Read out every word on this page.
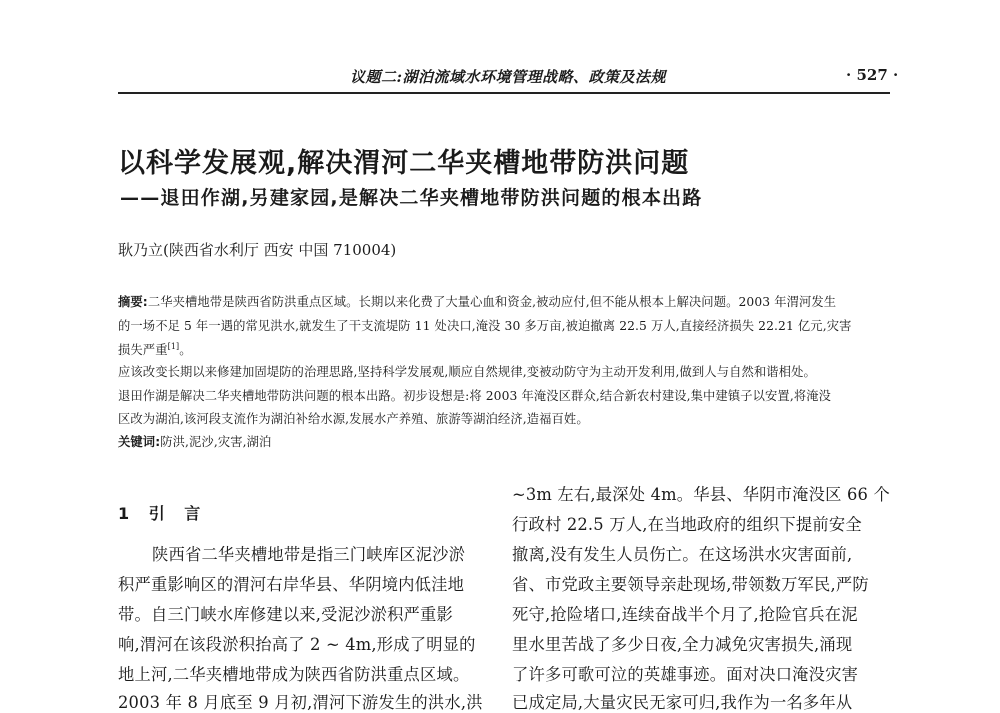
议题二:湖泊流域水环境管理战略、政策及法规	· 527 ·
以科学发展观,解决渭河二华夹槽地带防洪问题
——退田作湖,另建家园,是解决二华夹槽地带防洪问题的根本出路
耿乃立(陕西省水利厅 西安 中国 710004)
摘要:二华夹槽地带是陕西省防洪重点区域。长期以来化费了大量心血和资金,被动应付,但不能从根本上解决问题。2003 年渭河发生
的一场不足 5 年一遇的常见洪水,就发生了干支流堤防 11 处决口,淹没 30 多万亩,被迫撤离 22.5 万人,直接经济损失 22.21 亿元,灾害
损失严重[1]。
应该改变长期以来修建加固堤防的治理思路,坚持科学发展观,顺应自然规律,变被动防守为主动开发利用,做到人与自然和谐相处。
退田作湖是解决二华夹槽地带防洪问题的根本出路。初步设想是:将 2003 年淹没区群众,结合新农村建设,集中建镇子以安置,将淹没
区改为湖泊,该河段支流作为湖泊补给水源,发展水产养殖、旅游等湖泊经济,造福百姓。
关键词:防洪,泥沙,灾害,湖泊
1 引 言
陕西省二华夹槽地带是指三门峡库区泥沙淤
积严重影响区的渭河右岸华县、华阴境内低洼地
带。自三门峡水库修建以来,受泥沙淤积严重影
响,渭河在该段淤积抬高了 2 ~ 4m,形成了明显的
地上河,二华夹槽地带成为陕西省防洪重点区域。
2003 年 8 月底至 9 月初,渭河下游发生的洪水,洪
~3m 左右,最深处 4m。华县、华阴市淹没区 66 个
行政村 22.5 万人,在当地政府的组织下提前安全
撤离,没有发生人员伤亡。在这场洪水灾害面前,
省、市党政主要领导亲赴现场,带领数万军民,严防
死守,抢险堵口,连续奋战半个月了,抢险官兵在泥
里水里苦战了多少日夜,全力减免灾害损失,涌现
了许多可歌可泣的英雄事迹。面对决口淹没灾害
已成定局,大量灾民无家可归,我作为一名多年从
